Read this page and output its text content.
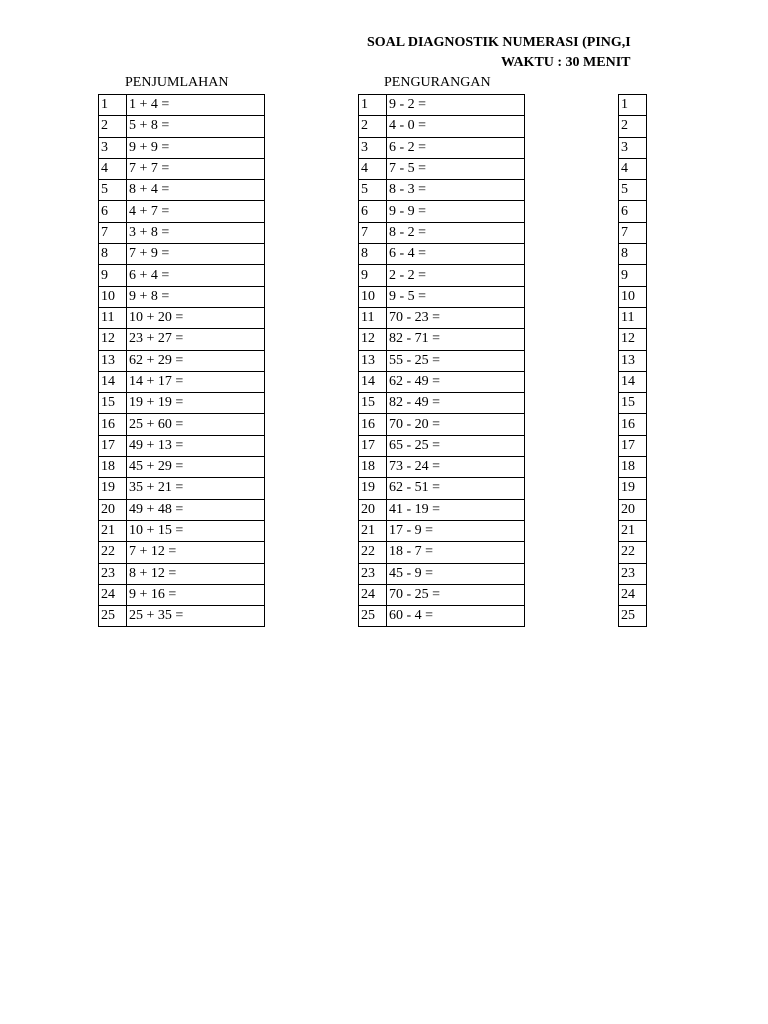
SOAL DIAGNOSTIK NUMERASI (PING,I
WAKTU : 30 MENIT
PENJUMLAHAN	PENGURANGAN
1	1 + 4 =
2	5 + 8 =
3	9 + 9 =
4	7 + 7 =
5	8 + 4 =
6	4 + 7 =
7	3 + 8 =
8	7 + 9 =
9	6 + 4 =
10	9 + 8 =
11	10 + 20 =
12	23 + 27 =
13	62 + 29 =
14	14 + 17 =
15	19 + 19 =
16	25 + 60 =
17	49 + 13 =
18	45 + 29 =
19	35 + 21 =
20	49 + 48 =
21	10 + 15 =
22	7 + 12 =
23	8 + 12 =
24	9 + 16 =
25	25 + 35 =
1	9 - 2 =
2	4 - 0 =
3	6 - 2 =
4	7 - 5 =
5	8 - 3 =
6	9 - 9 =
7	8 - 2 =
8	6 - 4 =
9	2 - 2 =
10	9 - 5 =
11	70 - 23 =
12	82 - 71 =
13	55 - 25 =
14	62 - 49 =
15	82 - 49 =
16	70 - 20 =
17	65 - 25 =
18	73 - 24 =
19	62 - 51 =
20	41 - 19 =
21	17 - 9 =
22	18 - 7 =
23	45 - 9 =
24	70 - 25 =
25	60 - 4 =
1
2
3
4
5
6
7
8
9
10
11
12
13
14
15
16
17
18
19
20
21
22
23
24
25
